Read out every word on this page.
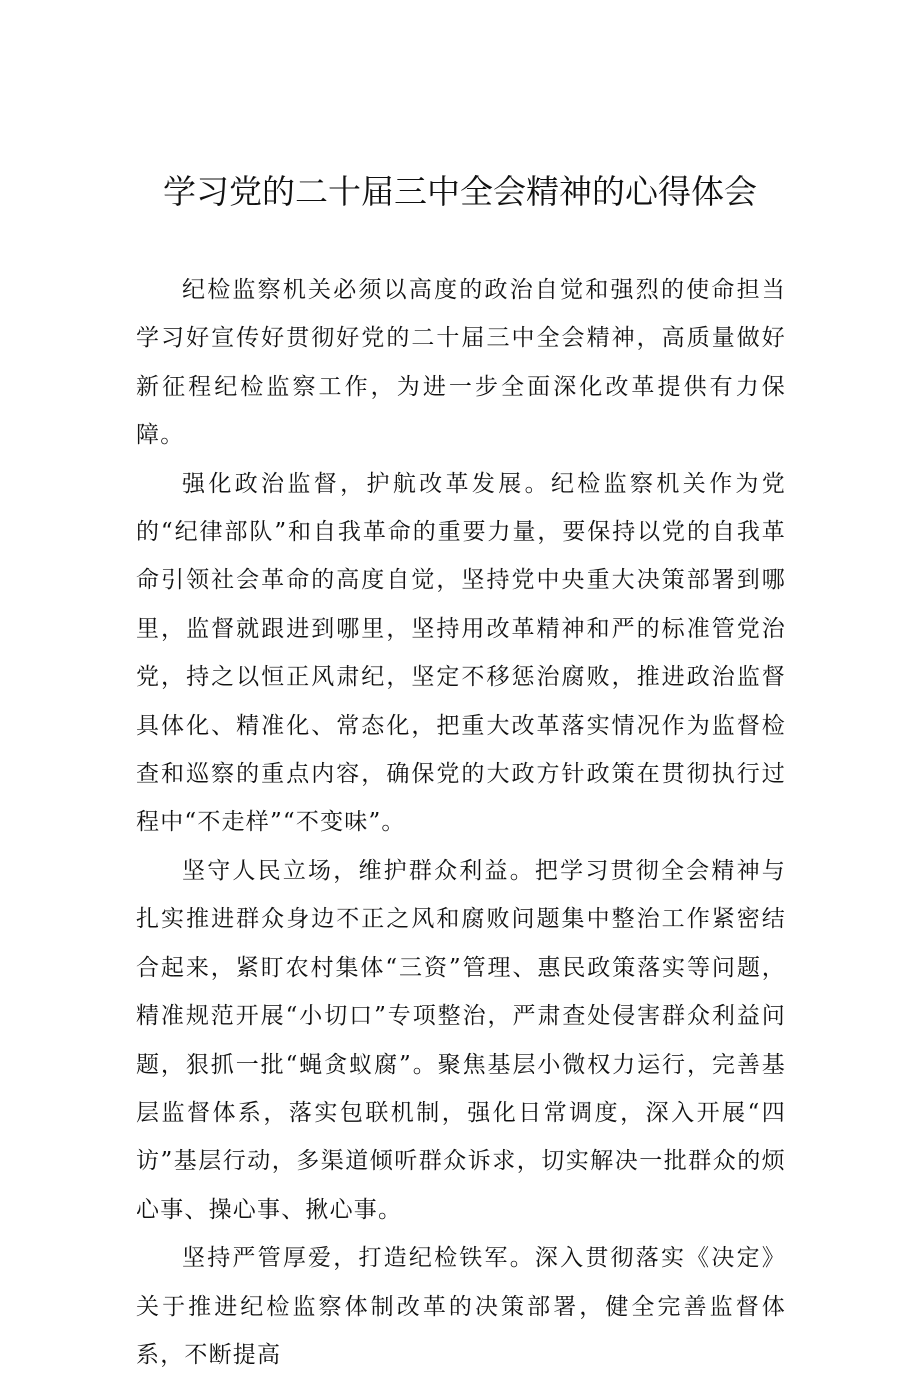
学习党的二十届三中全会精神的心得体会

纪检监察机关必须以高度的政治自觉和强烈的使命担当学习好宣传好贯彻好党的二十届三中全会精神，高质量做好新征程纪检监察工作，为进一步全面深化改革提供有力保障。

强化政治监督，护航改革发展。纪检监察机关作为党的“纪律部队”和自我革命的重要力量，要保持以党的自我革命引领社会革命的高度自觉，坚持党中央重大决策部署到哪里，监督就跟进到哪里，坚持用改革精神和严的标准管党治党，持之以恒正风肃纪，坚定不移惩治腐败，推进政治监督具体化、精准化、常态化，把重大改革落实情况作为监督检查和巡察的重点内容，确保党的大政方针政策在贯彻执行过程中“不走样”“不变味”。

坚守人民立场，维护群众利益。把学习贯彻全会精神与扎实推进群众身边不正之风和腐败问题集中整治工作紧密结合起来，紧盯农村集体“三资”管理、惠民政策落实等问题，精准规范开展“小切口”专项整治，严肃查处侵害群众利益问题，狠抓一批“蝇贪蚁腐”。聚焦基层小微权力运行，完善基层监督体系，落实包联机制，强化日常调度，深入开展“四访”基层行动，多渠道倾听群众诉求，切实解决一批群众的烦心事、操心事、揪心事。

坚持严管厚爱，打造纪检铁军。深入贯彻落实《决定》关于推进纪检监察体制改革的决策部署，健全完善监督体系，不断提高
